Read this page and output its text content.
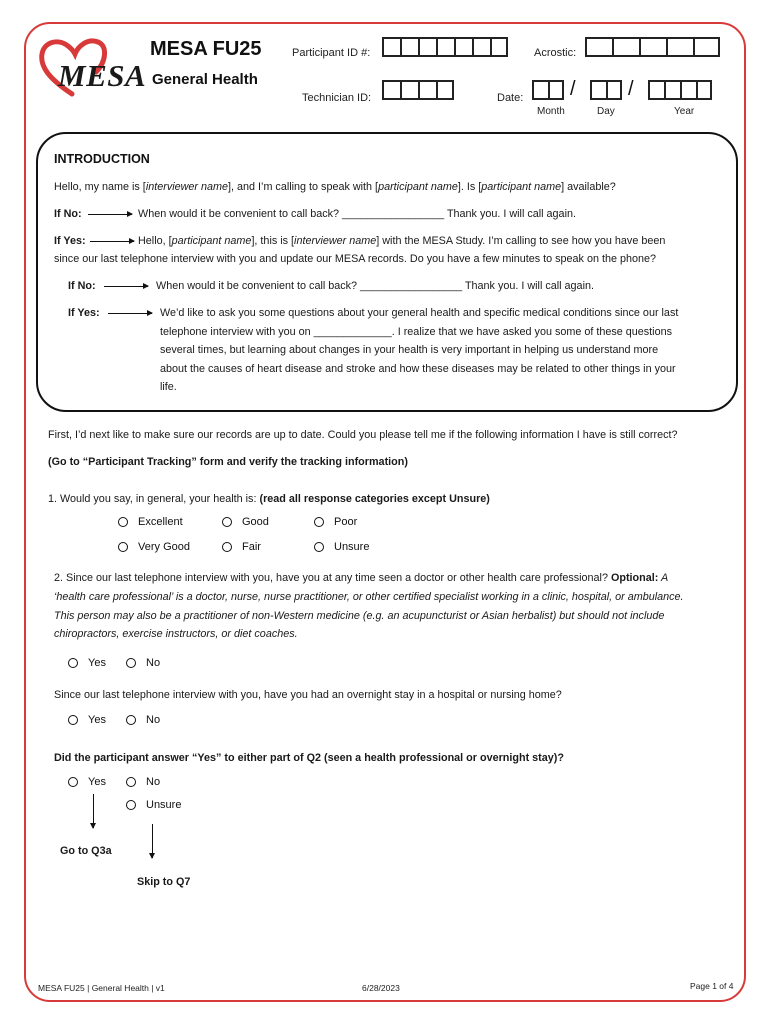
MESA
MESA FU25
General Health
Participant ID #:	Acrostic:
Technician ID:	Date: /	/
Month	Day	Year
INTRODUCTION
Hello, my name is [interviewer name], and I’m calling to speak with [participant name]. Is [participant name] available?
If No:	When would it be convenient to call back? _________________ Thank you. I will call again.
If Yes:	Hello, [participant name], this is [interviewer name] with the MESA Study. I’m calling to see how you have been
since our last telephone interview with you and update our MESA records. Do you have a few minutes to speak on the phone?
If No:	When would it be convenient to call back? _________________ Thank you. I will call again.
If Yes:	We’d like to ask you some questions about your general health and specific medical conditions since our last
telephone interview with you on _____________. I realize that we have asked you some of these questions
several times, but learning about changes in your health is very important in helping us understand more
about the causes of heart disease and stroke and how these diseases may be related to other things in your
life.
First, I’d next like to make sure our records are up to date. Could you please tell me if the following information I have is still correct?
(Go to “Participant Tracking” form and verify the tracking information)
1. Would you say, in general, your health is: (read all response categories except Unsure)
Excellent	Good	Poor
Very Good	Fair	Unsure
2. Since our last telephone interview with you, have you at any time seen a doctor or other health care professional? Optional: A
‘health care professional’ is a doctor, nurse, nurse practitioner, or other certified specialist working in a clinic, hospital, or ambulance.
This person may also be a practitioner of non-Western medicine (e.g. an acupuncturist or Asian herbalist) but should not include
chiropractors, exercise instructors, or diet coaches.
Yes	No
Since our last telephone interview with you, have you had an overnight stay in a hospital or nursing home?
Yes	No
Did the participant answer “Yes” to either part of Q2 (seen a health professional or overnight stay)?
Yes	No
Unsure
Go to Q3a
Skip to Q7
MESA FU25 | General Health | v1	6/28/2023	Page 1 of 4
